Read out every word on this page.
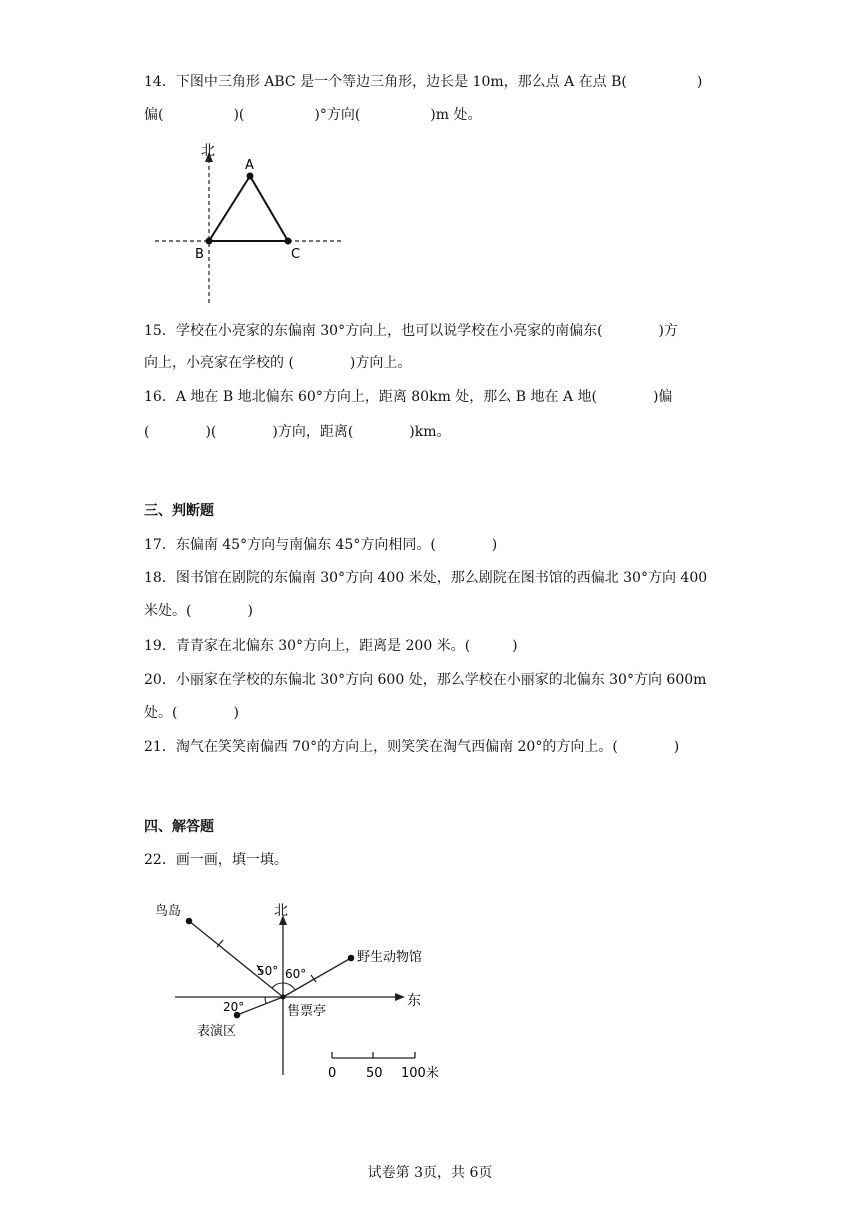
14．下图中三角形 ABC 是一个等边三角形，边长是 10m，那么点 A 在点 B(　　　　　)
偏(　　　　　)(　　　　　)°方向(　　　　　)m 处。
北
A
B	C
15．学校在小亮家的东偏南 30°方向上，也可以说学校在小亮家的南偏东(　　　　)方
向上，小亮家在学校的 (　　　　)方向上。
16．A 地在 B 地北偏东 60°方向上，距离 80km 处，那么 B 地在 A 地(　　　　)偏
(　　　　)(　　　　)方向，距离(　　　　)km。
三、判断题
17．东偏南 45°方向与南偏东 45°方向相同。(　　　　)
18．图书馆在剧院的东偏南 30°方向 400 米处，那么剧院在图书馆的西偏北 30°方向 400
米处。(　　　　)
19．青青家在北偏东 30°方向上，距离是 200 米。(　　　)
20．小丽家在学校的东偏北 30°方向 600 处，那么学校在小丽家的北偏东 30°方向 600m
处。(　　　　)
21．淘气在笑笑南偏西 70°的方向上，则笑笑在淘气西偏南 20°的方向上。(　　　　)
四、解答题
22．画一画，填一填。
北
东
鸟岛
野生动物馆
售票亭
表演区
50° 60°
20°
0 50 100米
试卷第 3页，共 6页
